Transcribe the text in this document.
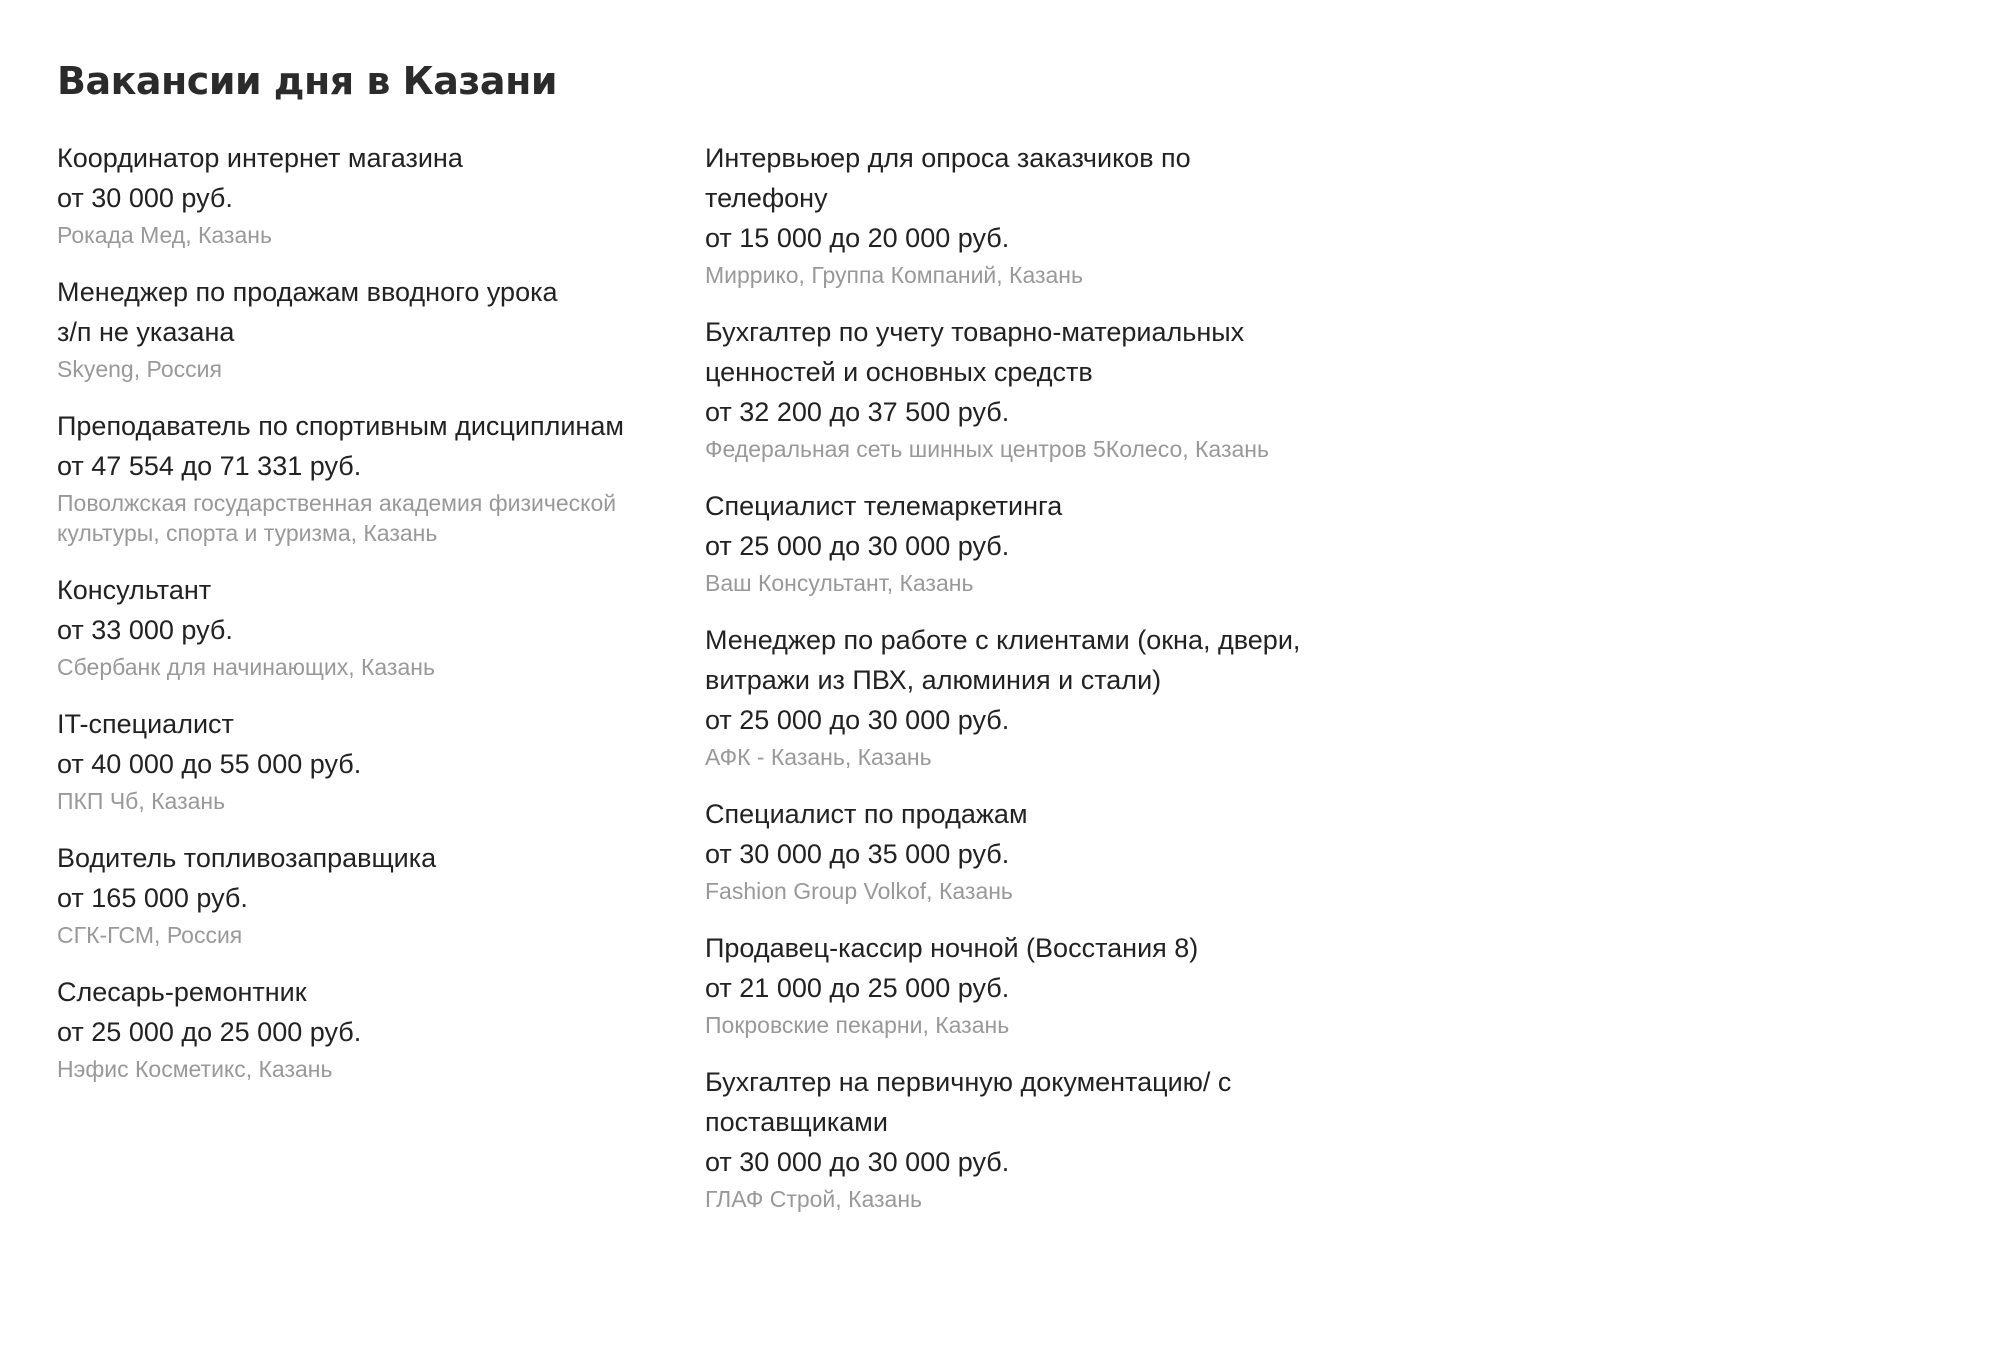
Вакансии дня в Казани
Координатор интернет магазина
от 30 000 руб.
Рокада Мед, Казань
Менеджер по продажам вводного урока
з/п не указана
Skyeng, Россия
Преподаватель по спортивным дисциплинам
от 47 554 до 71 331 руб.
Поволжская государственная академия физической культуры, спорта и туризма, Казань
Консультант
от 33 000 руб.
Сбербанк для начинающих, Казань
IT-специалист
от 40 000 до 55 000 руб.
ПКП Чб, Казань
Водитель топливозаправщика
от 165 000 руб.
СГК-ГСМ, Россия
Слесарь-ремонтник
от 25 000 до 25 000 руб.
Нэфис Косметикс, Казань
Интервьюер для опроса заказчиков по телефону
от 15 000 до 20 000 руб.
Миррико, Группа Компаний, Казань
Бухгалтер по учету товарно-материальных ценностей и основных средств
от 32 200 до 37 500 руб.
Федеральная сеть шинных центров 5Колесо, Казань
Специалист телемаркетинга
от 25 000 до 30 000 руб.
Ваш Консультант, Казань
Менеджер по работе с клиентами (окна, двери, витражи из ПВХ, алюминия и стали)
от 25 000 до 30 000 руб.
АФК - Казань, Казань
Специалист по продажам
от 30 000 до 35 000 руб.
Fashion Group Volkof, Казань
Продавец-кассир ночной (Восстания 8)
от 21 000 до 25 000 руб.
Покровские пекарни, Казань
Бухгалтер на первичную документацию/ с поставщиками
от 30 000 до 30 000 руб.
ГЛАФ Строй, Казань
